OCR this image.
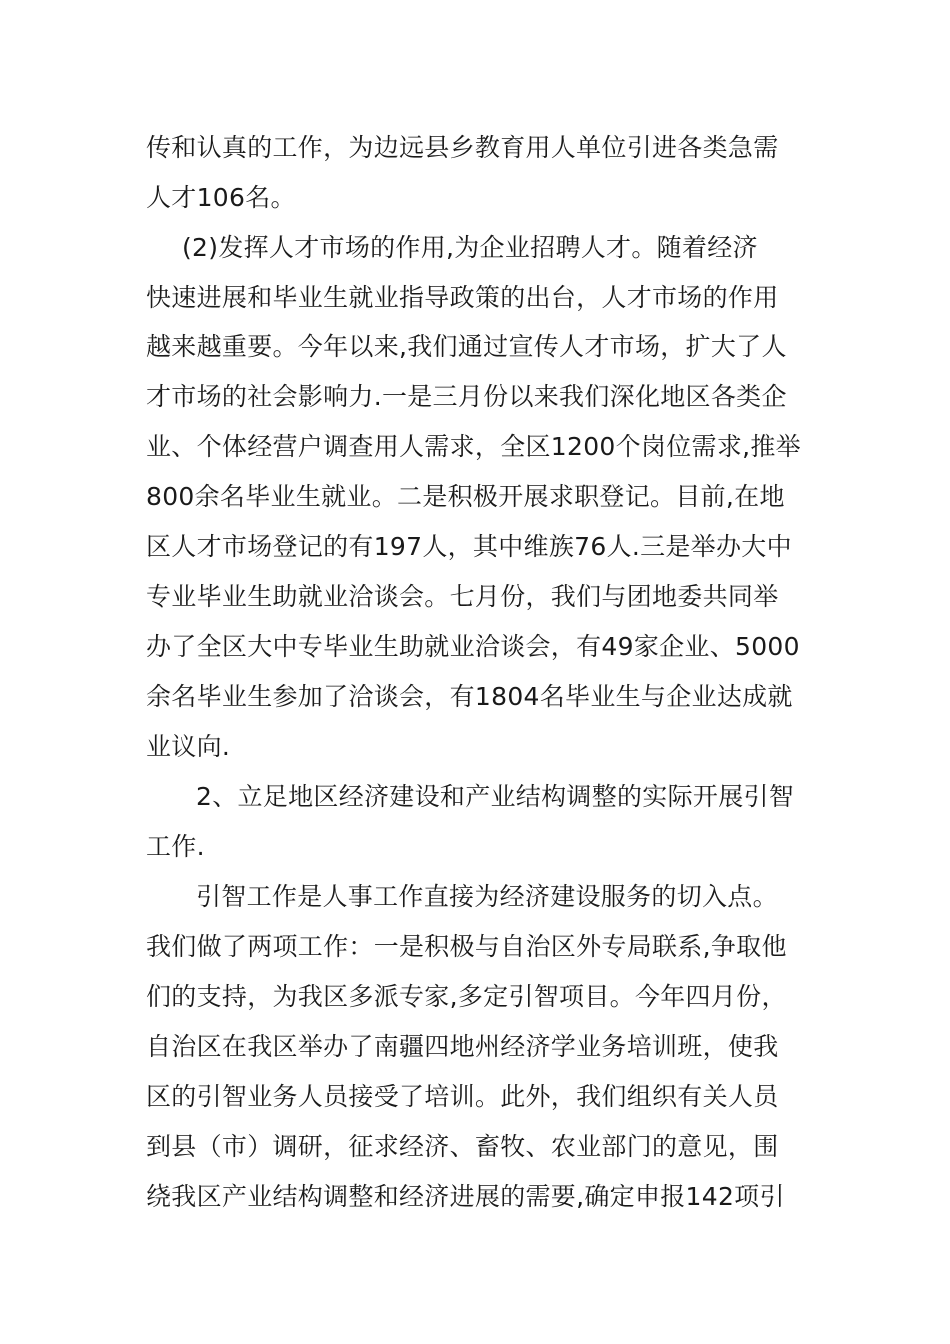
传和认真的工作，为边远县乡教育用人单位引进各类急需
人才106名。
(2)发挥人才市场的作用,为企业招聘人才。随着经济
快速进展和毕业生就业指导政策的出台，人才市场的作用
越来越重要。今年以来,我们通过宣传人才市场，扩大了人
才市场的社会影响力.一是三月份以来我们深化地区各类企
业、个体经营户调查用人需求，全区1200个岗位需求,推举
800余名毕业生就业。二是积极开展求职登记。目前,在地
区人才市场登记的有197人，其中维族76人.三是举办大中
专业毕业生助就业洽谈会。七月份，我们与团地委共同举
办了全区大中专毕业生助就业洽谈会，有49家企业、5000
余名毕业生参加了洽谈会，有1804名毕业生与企业达成就
业议向.
2、立足地区经济建设和产业结构调整的实际开展引智
工作.
引智工作是人事工作直接为经济建设服务的切入点。
我们做了两项工作：一是积极与自治区外专局联系,争取他
们的支持，为我区多派专家,多定引智项目。今年四月份，
自治区在我区举办了南疆四地州经济学业务培训班，使我
区的引智业务人员接受了培训。此外，我们组织有关人员
到县（市）调研，征求经济、畜牧、农业部门的意见，围
绕我区产业结构调整和经济进展的需要,确定申报142项引
